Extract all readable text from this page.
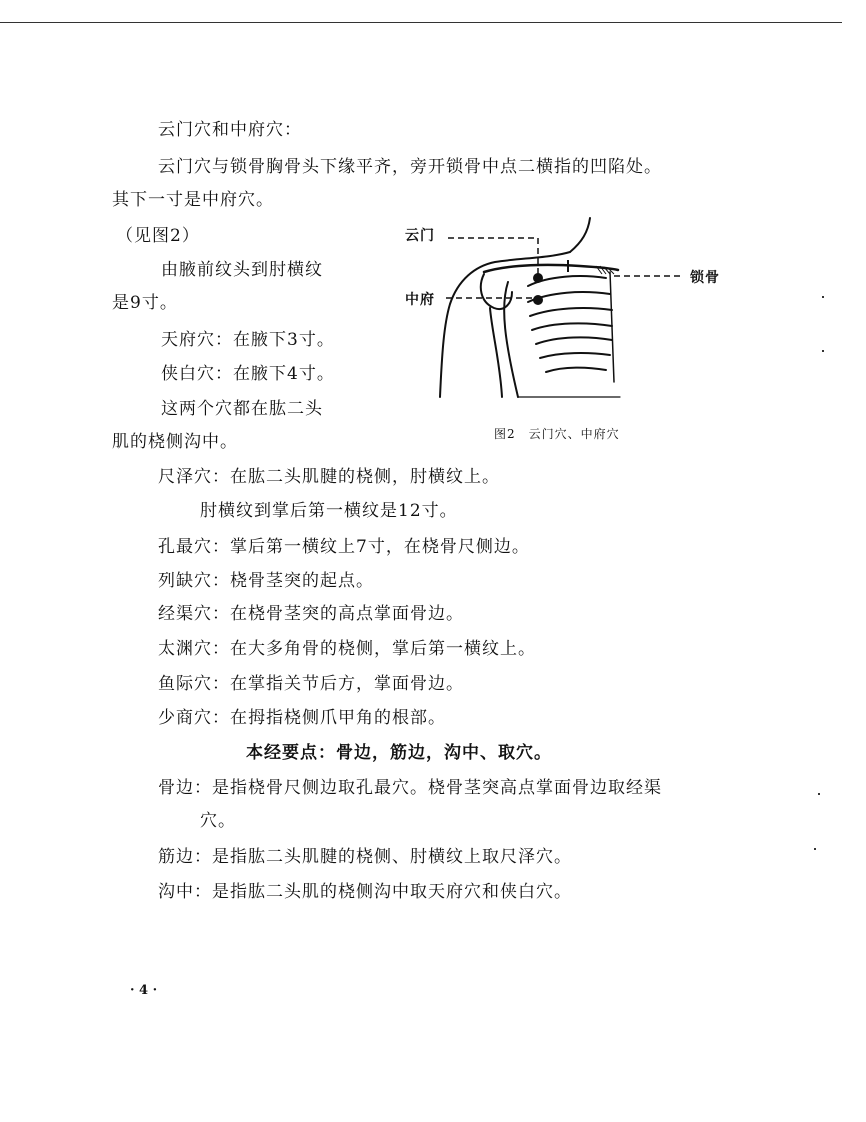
云门穴和中府穴：
云门穴与锁骨胸骨头下缘平齐，旁开锁骨中点二横指的凹陷处。
其下一寸是中府穴。
（见图2）
由腋前纹头到肘横纹
是9寸。
天府穴：在腋下3寸。
侠白穴：在腋下4寸。
这两个穴都在肱二头
肌的桡侧沟中。
尺泽穴：在肱二头肌腱的桡侧，肘横纹上。
肘横纹到掌后第一横纹是12寸。
孔最穴：掌后第一横纹上7寸，在桡骨尺侧边。
列缺穴：桡骨茎突的起点。
经渠穴：在桡骨茎突的高点掌面骨边。
太渊穴：在大多角骨的桡侧，掌后第一横纹上。
鱼际穴：在掌指关节后方，掌面骨边。
少商穴：在拇指桡侧爪甲角的根部。
本经要点：骨边，筋边，沟中、取穴。
骨边：是指桡骨尺侧边取孔最穴。桡骨茎突高点掌面骨边取经渠
穴。
筋边：是指肱二头肌腱的桡侧、肘横纹上取尺泽穴。
沟中：是指肱二头肌的桡侧沟中取天府穴和侠白穴。
云门
中府
锁骨
图2　云门穴、中府穴
· 4 ·
